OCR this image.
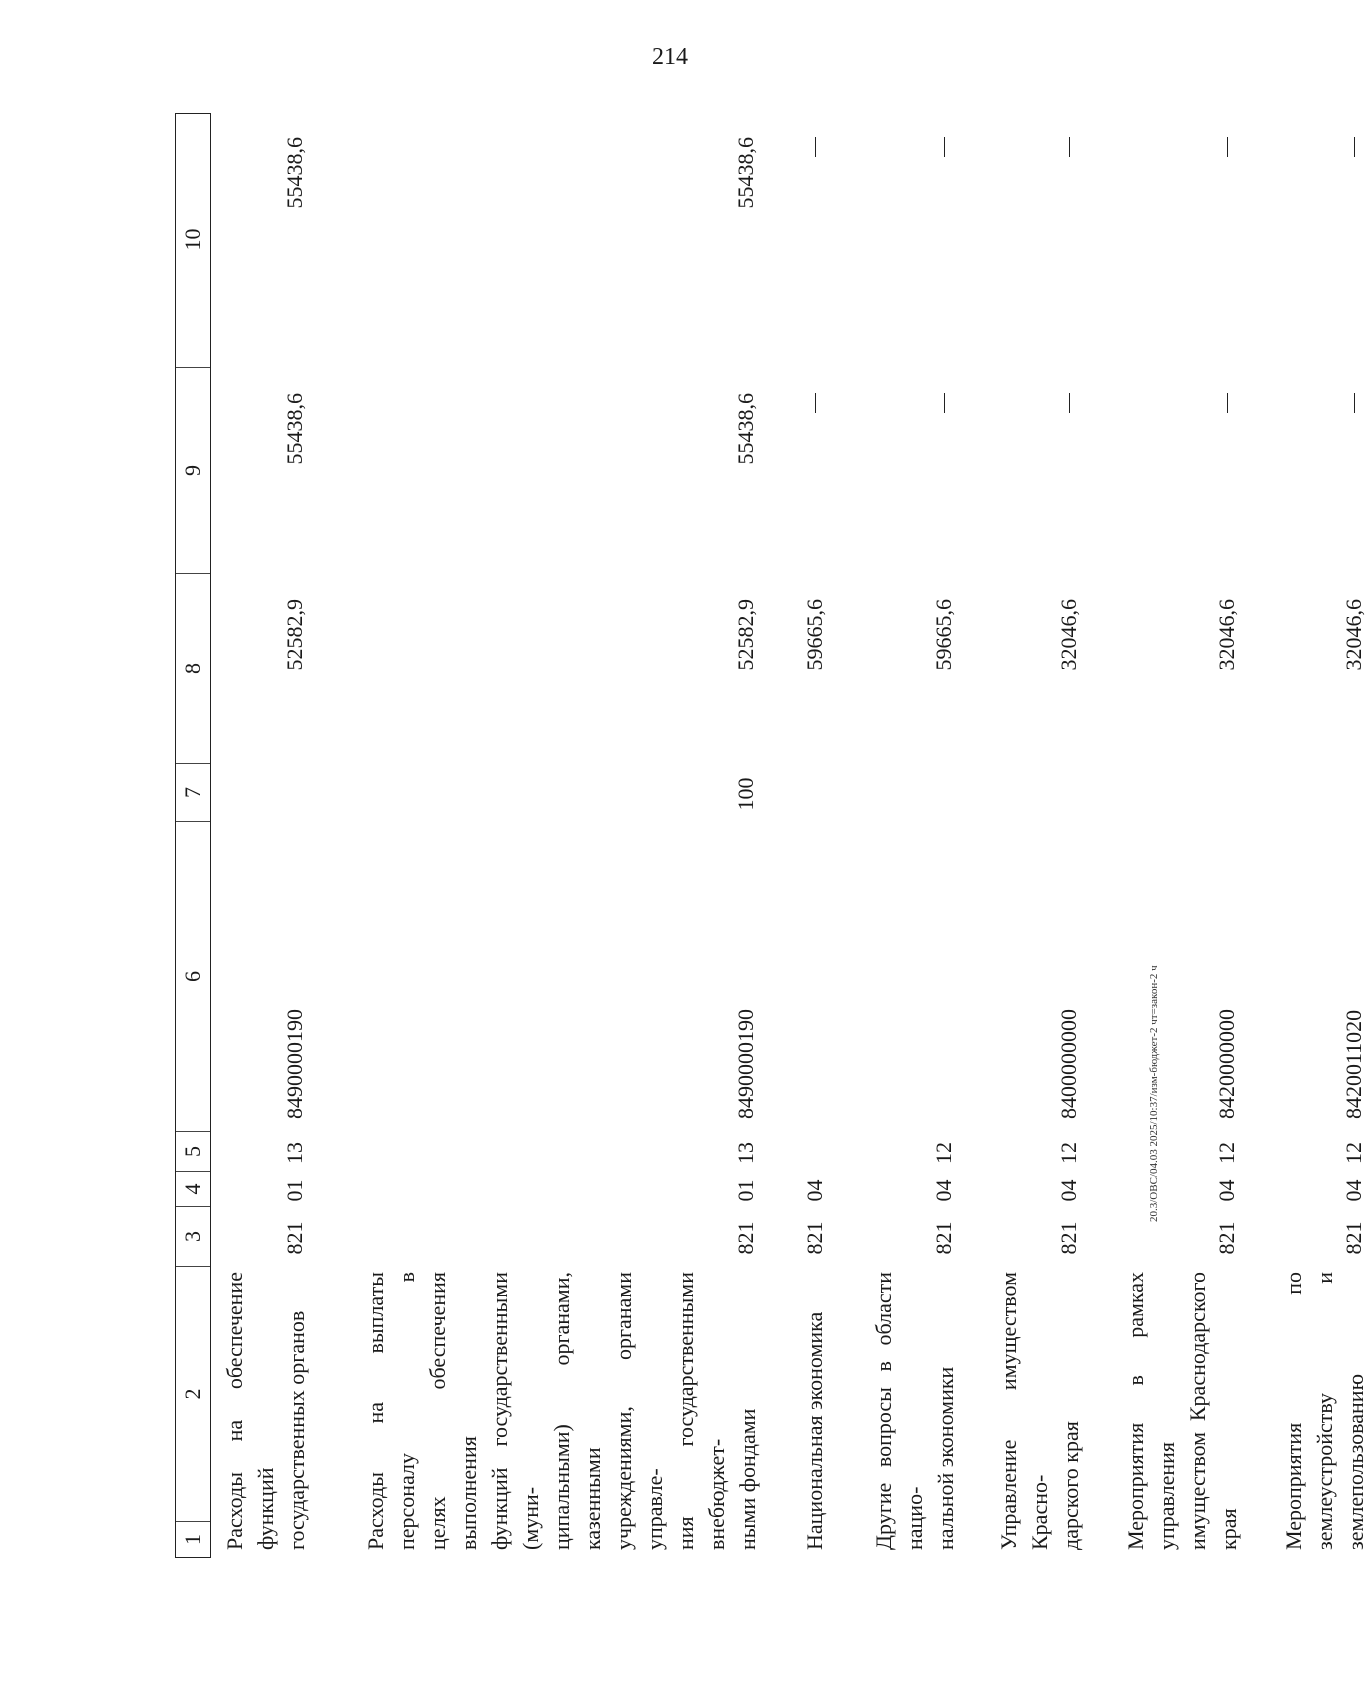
214
20.3/ОВС/04.03 2025/10:37/изм-бюджет-2 чт=закон-2 ч
1
2
3
4
5
6
7
8
9
10
Расходы на обеспечение функций государственных органов
821
01
13
8490000190
52582,9
55438,6
55438,6
Расходы на выплаты персоналу в целях обеспечения выполнения функций государственными (муни- ципальными) органами, казенными учреждениями, органами управле- ния государственными внебюджет- ными фондами
821
01
13
8490000190
100
52582,9
55438,6
55438,6
Национальная экономика
821
04
59665,6
Другие вопросы в области нацио- нальной экономики
821
04
12
59665,6
Управление имуществом Красно- дарского края
821
04
12
8400000000
32046,6
Мероприятия в рамках управления имуществом Краснодарского края
821
04
12
8420000000
32046,6
Мероприятия по землеустройству и землепользованию
821
04
12
8420011020
32046,6
